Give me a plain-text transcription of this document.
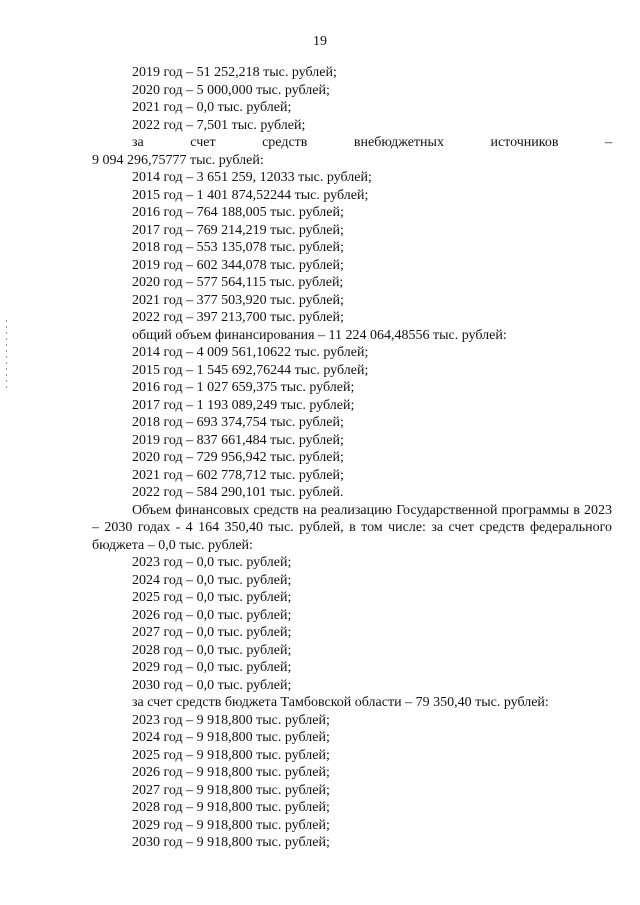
19
2019 год – 51 252,218 тыс. рублей;
2020 год – 5 000,000 тыс. рублей;
2021 год – 0,0 тыс. рублей;
2022 год – 7,501 тыс. рублей;
за	счет	средств	внебюджетных	источников	–
9 094 296,75777 тыс. рублей:
2014 год – 3 651 259, 12033 тыс. рублей;
2015 год – 1 401 874,52244 тыс. рублей;
2016 год – 764 188,005 тыс. рублей;
2017 год – 769 214,219 тыс. рублей;
2018 год – 553 135,078 тыс. рублей;
2019 год – 602 344,078 тыс. рублей;
2020 год – 577 564,115 тыс. рублей;
2021 год – 377 503,920 тыс. рублей;
2022 год – 397 213,700 тыс. рублей;
общий объем финансирования – 11 224 064,48556 тыс. рублей:
2014 год – 4 009 561,10622 тыс. рублей;
2015 год – 1 545 692,76244 тыс. рублей;
2016 год – 1 027 659,375 тыс. рублей;
2017 год – 1 193 089,249 тыс. рублей;
2018 год – 693 374,754 тыс. рублей;
2019 год – 837 661,484 тыс. рублей;
2020 год – 729 956,942 тыс. рублей;
2021 год – 602 778,712 тыс. рублей;
2022 год – 584 290,101 тыс. рублей.
Объем финансовых средств на реализацию Государственной программы в 2023 – 2030 годах - 4 164 350,40 тыс. рублей, в том числе: за счет средств федерального бюджета – 0,0 тыс. рублей:
2023 год – 0,0 тыс. рублей;
2024 год – 0,0 тыс. рублей;
2025 год – 0,0 тыс. рублей;
2026 год – 0,0 тыс. рублей;
2027 год – 0,0 тыс. рублей;
2028 год – 0,0 тыс. рублей;
2029 год – 0,0 тыс. рублей;
2030 год – 0,0 тыс. рублей;
за счет средств бюджета Тамбовской области – 79 350,40 тыс. рублей:
2023 год – 9 918,800 тыс. рублей;
2024 год – 9 918,800 тыс. рублей;
2025 год – 9 918,800 тыс. рублей;
2026 год – 9 918,800 тыс. рублей;
2027 год – 9 918,800 тыс. рублей;
2028 год – 9 918,800 тыс. рублей;
2029 год – 9 918,800 тыс. рублей;
2030 год – 9 918,800 тыс. рублей;
